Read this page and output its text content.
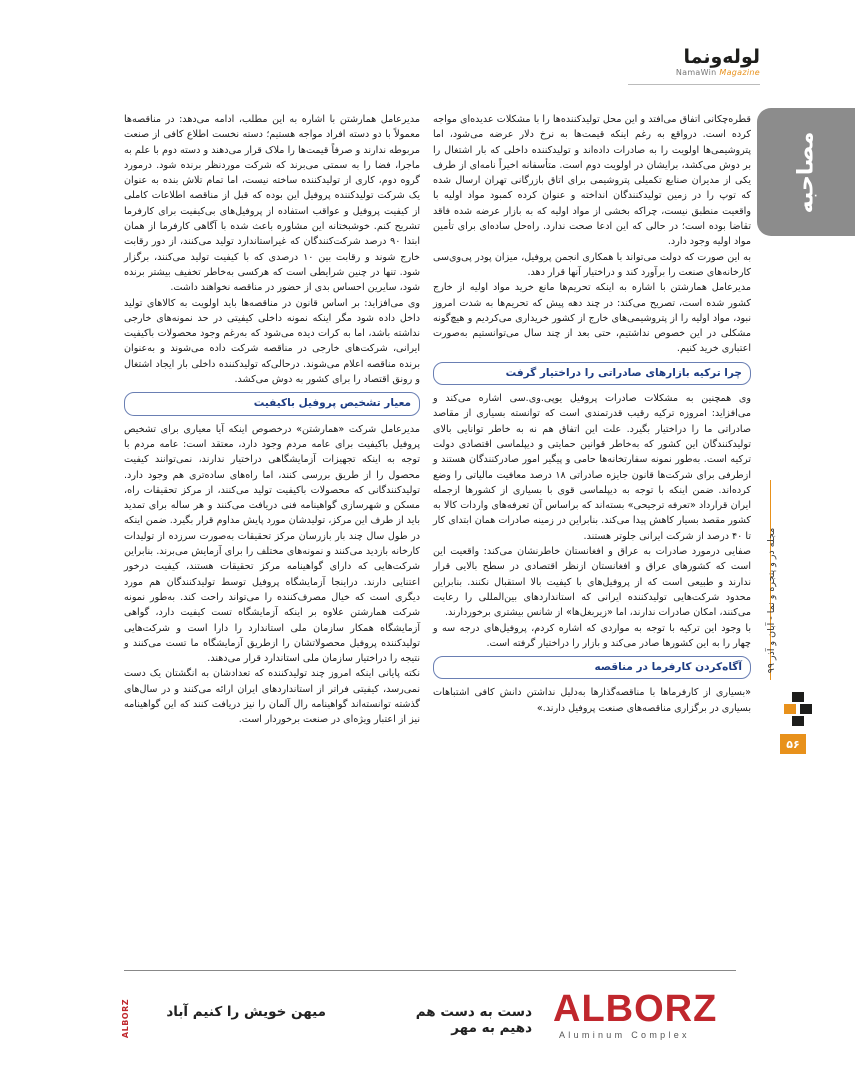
لوله‌ونما
NamaWin Magazine
مصاحبه
مجله در و پنجره و نما - آبان و آذر ۹۹
۵۶

قطره‌چکانی اتفاق می‌افتد و این محل تولیدکننده‌ها را با مشکلات عدیده‌ای مواجه کرده است. درواقع به رغم اینکه قیمت‌ها به نرخ دلار عرضه می‌شود، اما پتروشیمی‌ها اولویت را به صادرات داده‌اند و تولیدکننده داخلی که بار اشتغال را بر دوش می‌کشد، برایشان در اولویت دوم است. متأسفانه اخیراً نامه‌ای از طرف یکی از مدیران صنایع تکمیلی پتروشیمی برای اتاق بازرگانی تهران ارسال شده که توپ را در زمین تولیدکنندگان انداخته و عنوان کرده کمبود مواد اولیه با واقعیت منطبق نیست، چراکه بخشی از مواد اولیه که به بازار عرضه شده فاقد تقاضا بوده است؛ در حالی که این ادعا صحت ندارد. راه‌حل ساده‌ای برای تأمین مواد اولیه وجود دارد.

به این صورت که دولت می‌تواند با همکاری انجمن پروفیل، میزان پودر پی‌وی‌سی کارخانه‌های صنعت را برآورد کند و دراختیار آنها قرار دهد.

مدیرعامل همارشتن با اشاره به اینکه تحریم‌ها مانع خرید مواد اولیه از خارج کشور شده است، تصریح می‌کند: در چند دهه پیش که تحریم‌ها به شدت امروز نبود، مواد اولیه را از پتروشیمی‌های خارج از کشور خریداری می‌کردیم و هیچ‌گونه مشکلی در این خصوص نداشتیم، حتی بعد از چند سال می‌توانستیم به‌صورت اعتباری خرید کنیم.

چرا ترکیه بازارهای صادراتی را دراختیار گرفت

وی همچنین به مشکلات صادرات پروفیل یوپی.وی.سی اشاره می‌کند و می‌افزاید: امروزه ترکیه رقیب قدرتمندی است که توانسته بسیاری از مقاصد صادراتی ما را دراختیار بگیرد. علت این اتفاق هم نه به خاطر توانایی بالای تولیدکنندگان این کشور که به‌خاطر قوانین حمایتی و دیپلماسی اقتصادی دولت ترکیه است. به‌طور نمونه سفارتخانه‌ها حامی و پیگیر امور صادرکنندگان هستند و ازطرفی برای شرکت‌ها قانون جایزه صادراتی ۱۸ درصد معافیت مالیاتی را وضع کرده‌اند. ضمن اینکه با توجه به دیپلماسی قوی با بسیاری از کشورها ازجمله ایران قرارداد «تعرفه ترجیحی» بسته‌اند که براساس آن تعرفه‌های واردات کالا به کشور مقصد بسیار کاهش پیدا می‌کند. بنابراین در زمینه صادرات همان ابتدای کار تا ۴۰ درصد از شرکت ایرانی جلوتر هستند.

صفایی درمورد صادرات به عراق و افغانستان خاطرنشان می‌کند: واقعیت این است که کشورهای عراق و افغانستان ازنظر اقتصادی در سطح بالایی قرار ندارند و طبیعی است که از پروفیل‌های با کیفیت بالا استقبال نکنند. بنابراین محدود شرکت‌هایی تولیدکننده ایرانی که استانداردهای بین‌المللی را رعایت می‌کنند، امکان صادرات ندارند، اما «زیربغل‌ها» از شانس بیشتری برخوردارند.

با وجود این ترکیه با توجه به مواردی که اشاره کردم، پروفیل‌های درجه سه و چهار را به این کشورها صادر می‌کند و بازار را دراختیار گرفته است.

آگاه‌کردن کارفرما در مناقصه

«بسیاری از کارفرماها با مناقصه‌گذارها به‌دلیل نداشتن دانش کافی اشتباهات بسیاری در برگزاری مناقصه‌های صنعت پروفیل دارند.»

مدیرعامل همارشتن با اشاره به این مطلب، ادامه می‌دهد: در مناقصه‌ها معمولاً با دو دسته افراد مواجه هستیم؛ دسته نخست اطلاع کافی از صنعت مربوطه ندارند و صرفاً قیمت‌ها را ملاک قرار می‌دهند و دسته دوم با علم به ماجرا، فضا را به سمتی می‌برند که شرکت موردنظر برنده شود. درمورد گروه دوم، کاری از تولیدکننده ساخته نیست، اما تمام تلاش بنده به عنوان یک شرکت تولیدکننده پروفیل این بوده که قبل از مناقصه اطلاعات کاملی از کیفیت پروفیل و عواقب استفاده از پروفیل‌های بی‌کیفیت برای کارفرما تشریح کنم. خوشبختانه این مشاوره باعث شده با آگاهی کارفرما از همان ابتدا ۹۰ درصد شرکت‌کنندگان که غیراستاندارد تولید می‌کنند، از دور رقابت خارج شوند و رقابت بین ۱۰ درصدی که با کیفیت تولید می‌کنند، برگزار شود. تنها در چنین شرایطی است که هرکسی به‌خاطر تخفیف بیشتر برنده شود، سایرین احساس بدی از حضور در مناقصه نخواهند داشت.

وی می‌افزاید: بر اساس قانون در مناقصه‌ها باید اولویت به کالاهای تولید داخل داده شود مگر اینکه نمونه داخلی کیفیتی در حد نمونه‌های خارجی نداشته باشد، اما به کرات دیده می‌شود که به‌رغم وجود محصولات باکیفیت ایرانی، شرکت‌های خارجی در مناقصه شرکت داده می‌شوند و به‌عنوان برنده مناقصه اعلام می‌شوند. درحالی‌که تولیدکننده داخلی بار ایجاد اشتغال و رونق اقتصاد را برای کشور به دوش می‌کشد.

معیار تشخیص پروفیل باکیفیت

مدیرعامل شرکت «همارشتن» درخصوص اینکه آیا معیاری برای تشخیص پروفیل باکیفیت برای عامه مردم وجود دارد، معتقد است: عامه مردم با توجه به اینکه تجهیزات آزمایشگاهی دراختیار ندارند، نمی‌توانند کیفیت محصول را از طریق بررسی کنند، اما راه‌های ساده‌تری هم وجود دارد. تولیدکنندگانی که محصولات باکیفیت تولید می‌کنند، از مرکز تحقیقات راه، مسکن و شهرسازی گواهینامه فنی دریافت می‌کنند و هر ساله برای تمدید باید از طرف این مرکز، تولیدشان مورد پایش مداوم قرار بگیرد. ضمن اینکه در طول سال چند بار بازرسان مرکز تحقیقات به‌صورت سرزده از تولیدات کارخانه بازدید می‌کنند و نمونه‌های مختلف را برای آزمایش می‌برند. بنابراین شرکت‌هایی که دارای گواهینامه مرکز تحقیقات هستند، کیفیت درخور اعتنایی دارند. دراینجا آزمایشگاه پروفیل توسط تولیدکنندگان هم مورد دیگری است که خیال مصرف‌کننده را می‌تواند راحت کند. به‌طور نمونه شرکت همارشتن علاوه بر اینکه آزمایشگاه تست کیفیت دارد، گواهی آزمایشگاه همکار سازمان ملی استاندارد را دارا است و شرکت‌هایی تولیدکننده پروفیل محصولاتشان را ازطریق آزمایشگاه ما تست می‌کنند و نتیجه را دراختیار سازمان ملی استاندارد قرار می‌دهند.

نکته پایانی اینکه امروز چند تولیدکننده که تعدادشان به انگشتان یک دست نمی‌رسد، کیفیتی فراتر از استانداردهای ایران ارائه می‌کنند و در سال‌های گذشته توانسته‌اند گواهینامه رال آلمان را نیز دریافت کنند که این گواهینامه نیز از اعتبار ویژه‌ای در صنعت برخوردار است.

ALBORZ	میهن خویش را کنیم آباد	دست به دست هم دهیم به مهر ALBORZ
Aluminum Complex
